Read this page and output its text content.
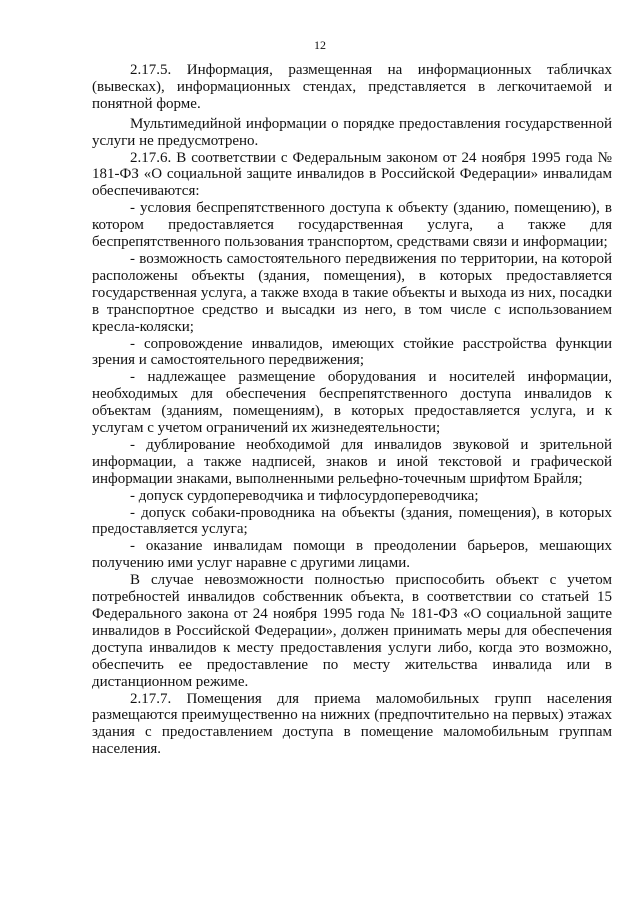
12

2.17.5. Информация, размещенная на информационных табличках (вывесках), информационных стендах, представляется в легкочитаемой и понятной форме.

Мультимедийной информации о порядке предоставления государственной услуги не предусмотрено.

2.17.6. В соответствии с Федеральным законом от 24 ноября 1995 года № 181-ФЗ «О социальной защите инвалидов в Российской Федерации» инвалидам обеспечиваются:

- условия беспрепятственного доступа к объекту (зданию, помещению), в котором предоставляется государственная услуга, а также для беспрепятственного пользования транспортом, средствами связи и информации;

- возможность самостоятельного передвижения по территории, на которой расположены объекты (здания, помещения), в которых предоставляется государственная услуга, а также входа в такие объекты и выхода из них, посадки в транспортное средство и высадки из него, в том числе с использованием кресла-коляски;

- сопровождение инвалидов, имеющих стойкие расстройства функции зрения и самостоятельного передвижения;

- надлежащее размещение оборудования и носителей информации, необходимых для обеспечения беспрепятственного доступа инвалидов к объектам (зданиям, помещениям), в которых предоставляется услуга, и к услугам с учетом ограничений их жизнедеятельности;

- дублирование необходимой для инвалидов звуковой и зрительной информации, а также надписей, знаков и иной текстовой и графической информации знаками, выполненными рельефно-точечным шрифтом Брайля;

- допуск сурдопереводчика и тифлосурдопереводчика;

- допуск собаки-проводника на объекты (здания, помещения), в которых предоставляется услуга;

- оказание инвалидам помощи в преодолении барьеров, мешающих получению ими услуг наравне с другими лицами.

В случае невозможности полностью приспособить объект с учетом потребностей инвалидов собственник объекта, в соответствии со статьей 15 Федерального закона от 24 ноября 1995 года № 181-ФЗ «О социальной защите инвалидов в Российской Федерации», должен принимать меры для обеспечения доступа инвалидов к месту предоставления услуги либо, когда это возможно, обеспечить ее предоставление по месту жительства инвалида или в дистанционном режиме.

2.17.7. Помещения для приема маломобильных групп населения размещаются преимущественно на нижних (предпочтительно на первых) этажах здания с предоставлением доступа в помещение маломобильным группам населения.
